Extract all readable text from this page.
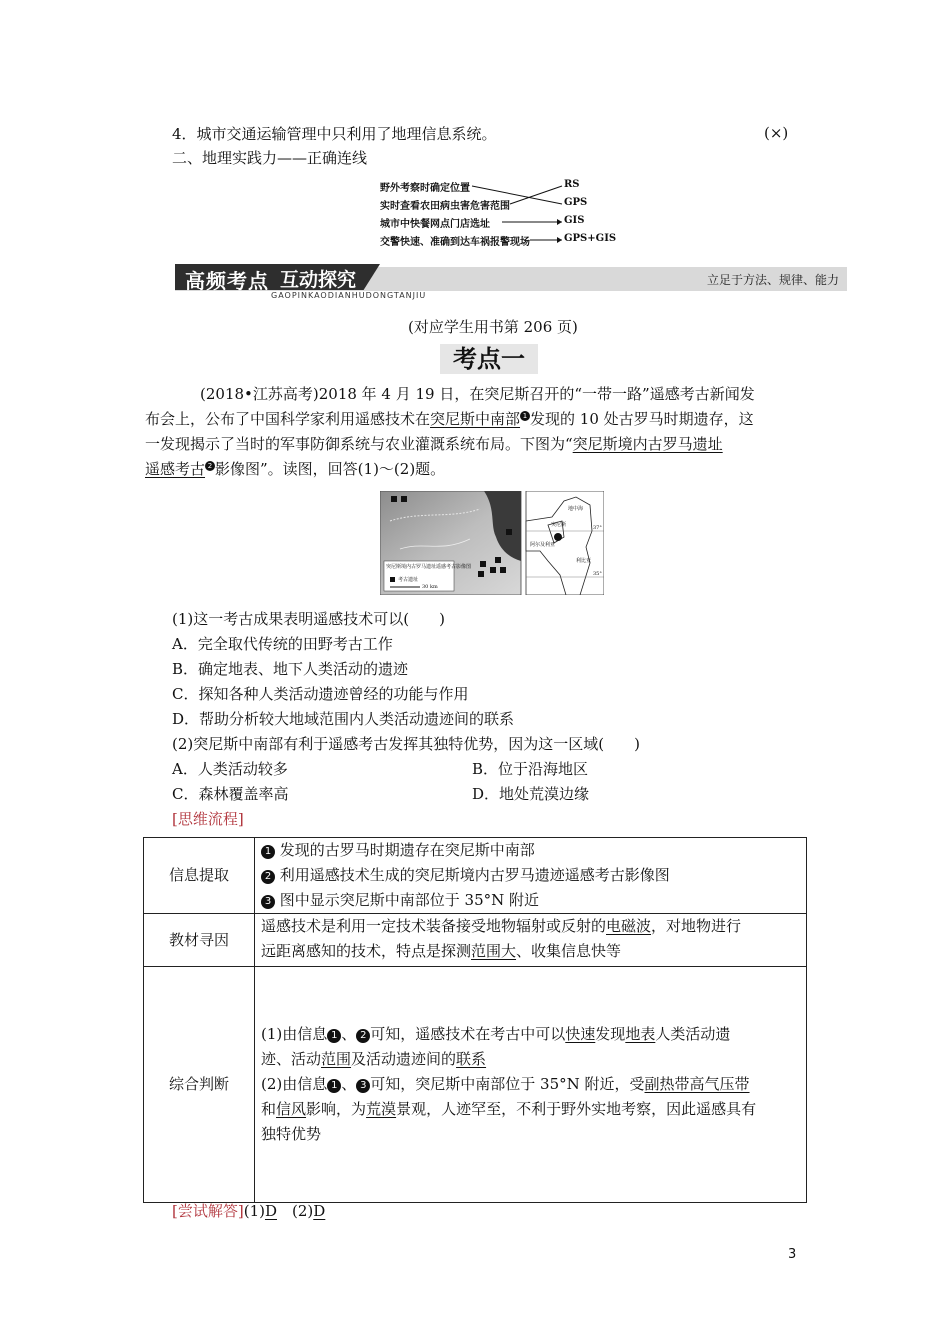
4．城市交通运输管理中只利用了地理信息系统。	(×)
二、地理实践力——正确连线
野外考察时确定位置
实时查看农田病虫害危害范围
城市中快餐网点门店选址
交警快速、准确到达车祸报警现场
RS
GPS
GIS
GPS+GIS
高频考点 互动探究
GAOPINKAODIANHUDONGTANJIU
立足于方法、规律、能力
(对应学生用书第 206 页)
考点一
(2018•江苏高考)2018 年 4 月 19 日，在突尼斯召开的“一带一路”遥感考古新闻发
布会上，公布了中国科学家利用遥感技术在突尼斯中南部 1 发现的 10 处古罗马时期遗存，这
一发现揭示了当时的军事防御系统与农业灌溉系统布局。下图为“突尼斯境内古罗马遗址
遥感考古 2 影像图”。读图，回答(1)～(2)题。
突尼斯境内古罗马遗址遥感考古影像图
考古遗址
30 km
地中海
突尼斯
阿尔及利亚
利比亚
37°
35°
(1)这一考古成果表明遥感技术可以(　　)
A．完全取代传统的田野考古工作
B．确定地表、地下人类活动的遗迹
C．探知各种人类活动遗迹曾经的功能与作用
D．帮助分析较大地域范围内人类活动遗迹间的联系
(2)突尼斯中南部有利于遥感考古发挥其独特优势，因为这一区域(　　)
A．人类活动较多	B．位于沿海地区
C．森林覆盖率高	D．地处荒漠边缘
[思维流程]
信息提取	1 发现的古罗马时期遗存在突尼斯中南部
2 利用遥感技术生成的突尼斯境内古罗马遗迹遥感考古影像图
3 图中显示突尼斯中南部位于 35°N 附近

教材寻因	遥感技术是利用一定技术装备接受地物辐射或反射的电磁波，对地物进行
远距离感知的技术，特点是探测范围大、收集信息快等

综合判断	(1)由信息 1 、 2 可知，遥感技术在考古中可以快速发现地表人类活动遗
迹、活动范围及活动遗迹间的联系
(2)由信息 1 、 3 可知，突尼斯中南部位于 35°N 附近，受副热带高气压带
和信风影响，为荒漠景观，人迹罕至，不利于野外实地考察，因此遥感具有
独特优势
[尝试解答](1)D　 (2)D
3
